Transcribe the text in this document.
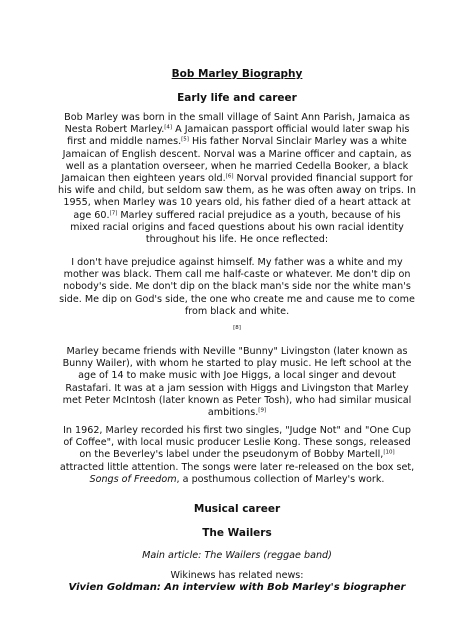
Bob Marley Biography
Early life and career
Bob Marley was born in the small village of Saint Ann Parish, Jamaica as Nesta Robert Marley.[4] A Jamaican passport official would later swap his first and middle names.[5] His father Norval Sinclair Marley was a white Jamaican of English descent. Norval was a Marine officer and captain, as well as a plantation overseer, when he married Cedella Booker, a black Jamaican then eighteen years old.[6] Norval provided financial support for his wife and child, but seldom saw them, as he was often away on trips. In 1955, when Marley was 10 years old, his father died of a heart attack at age 60.[7] Marley suffered racial prejudice as a youth, because of his mixed racial origins and faced questions about his own racial identity throughout his life. He once reflected:
I don't have prejudice against himself. My father was a white and my mother was black. Them call me half-caste or whatever. Me don't dip on nobody's side. Me don't dip on the black man's side nor the white man's side. Me dip on God's side, the one who create me and cause me to come from black and white.
[8]
Marley became friends with Neville "Bunny" Livingston (later known as Bunny Wailer), with whom he started to play music. He left school at the age of 14 to make music with Joe Higgs, a local singer and devout Rastafari. It was at a jam session with Higgs and Livingston that Marley met Peter McIntosh (later known as Peter Tosh), who had similar musical ambitions.[9]
In 1962, Marley recorded his first two singles, "Judge Not" and "One Cup of Coffee", with local music producer Leslie Kong. These songs, released on the Beverley's label under the pseudonym of Bobby Martell,[10] attracted little attention. The songs were later re-released on the box set, Songs of Freedom, a posthumous collection of Marley's work.
Musical career
The Wailers
Main article: The Wailers (reggae band)
Wikinews has related news:
Vivien Goldman: An interview with Bob Marley's biographer
